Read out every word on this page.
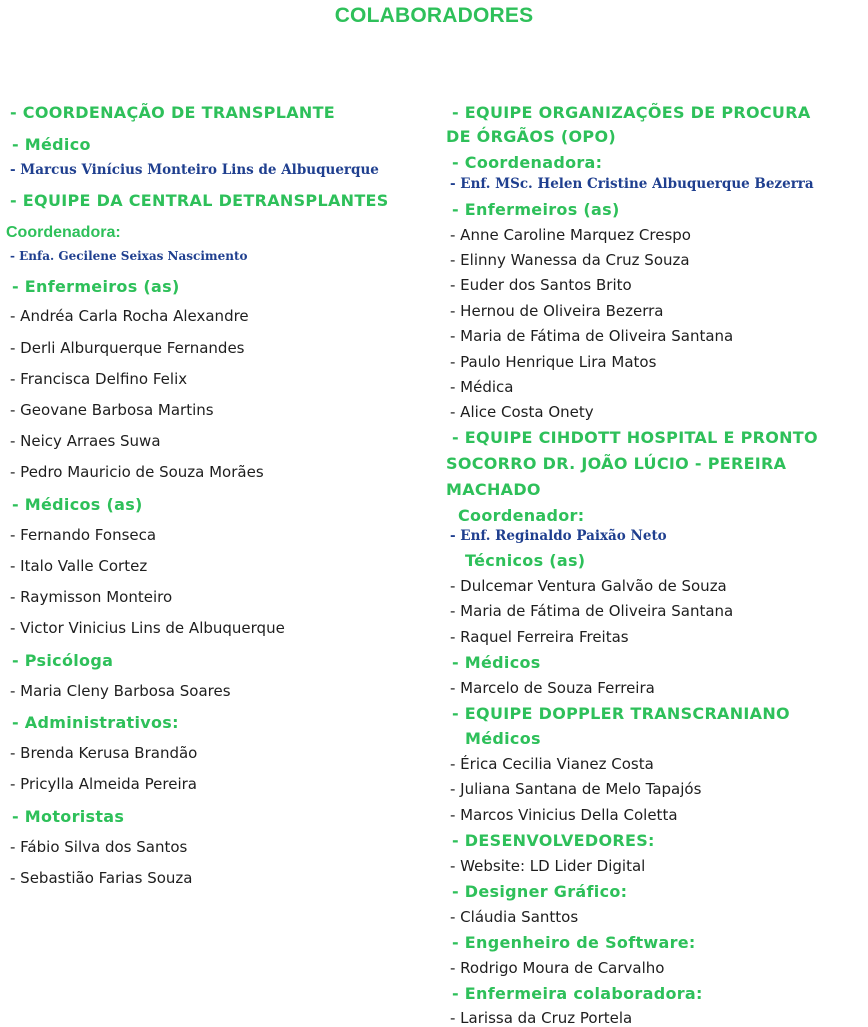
COLABORADORES
- COORDENAÇÃO DE TRANSPLANTE
- Médico
- Marcus Vinícius Monteiro Lins de Albuquerque
- EQUIPE DA CENTRAL DETRANSPLANTES
Coordenadora:
- Enfa. Gecilene Seixas Nascimento
- Enfermeiros (as)
- Andréa Carla Rocha Alexandre
- Derli Alburquerque Fernandes
- Francisca Delfino Felix
- Geovane Barbosa Martins
- Neicy Arraes Suwa
- Pedro Mauricio de Souza Morães
- Médicos (as)
- Fernando Fonseca
- Italo Valle Cortez
- Raymisson Monteiro
- Victor Vinicius Lins de Albuquerque
- Psicóloga
- Maria Cleny Barbosa Soares
- Administrativos:
- Brenda Kerusa Brandão
- Pricylla Almeida Pereira
- Motoristas
- Fábio Silva dos Santos
- Sebastião Farias Souza
- EQUIPE ORGANIZAÇÕES DE PROCURA
DE ÓRGÃOS (OPO)
- Coordenadora:
- Enf. MSc. Helen Cristine Albuquerque Bezerra
- Enfermeiros (as)
- Anne Caroline Marquez Crespo
- Elinny Wanessa da Cruz Souza
- Euder dos Santos Brito
- Hernou de Oliveira Bezerra
- Maria de Fátima de Oliveira Santana
- Paulo Henrique Lira Matos
- Médica
- Alice Costa Onety
- EQUIPE CIHDOTT HOSPITAL E PRONTO
SOCORRO DR. JOÃO LÚCIO - PEREIRA
MACHADO
Coordenador:
- Enf. Reginaldo Paixão Neto
Técnicos (as)
- Dulcemar Ventura Galvão de Souza
- Maria de Fátima de Oliveira Santana
- Raquel Ferreira Freitas
- Médicos
- Marcelo de Souza Ferreira
- EQUIPE DOPPLER TRANSCRANIANO
Médicos
- Érica Cecilia Vianez Costa
- Juliana Santana de Melo Tapajós
- Marcos Vinicius Della Coletta
- DESENVOLVEDORES:
- Website: LD Lider Digital
- Designer Gráfico:
- Cláudia Santtos
- Engenheiro de Software:
- Rodrigo Moura de Carvalho
- Enfermeira colaboradora:
- Larissa da Cruz Portela
